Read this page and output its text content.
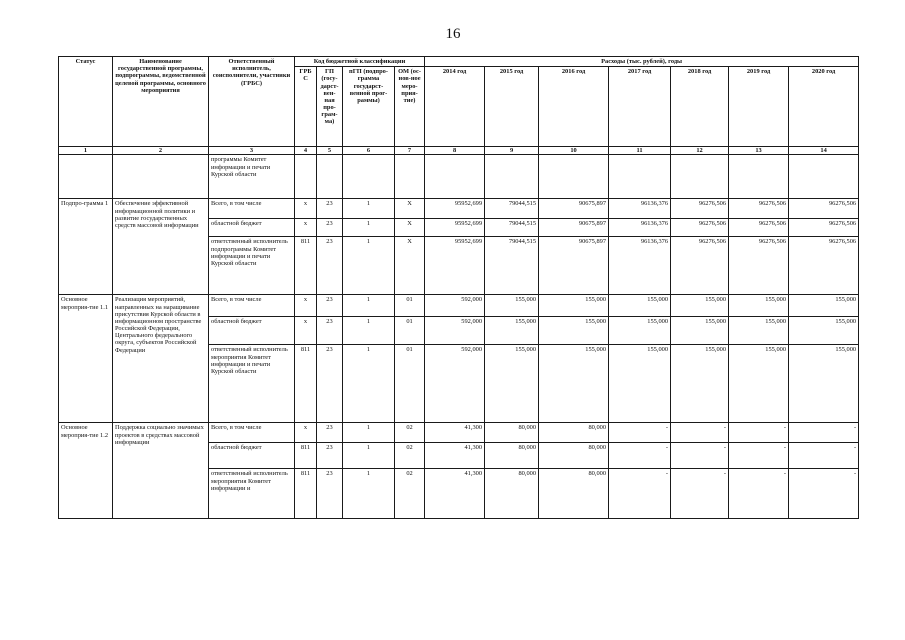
16
Статус	Наименование государственной программы, подпрограммы, ведомственной целевой программы, основного мероприятия	Ответственный исполнитель, соисполнители, участники (ГРБС)	Код бюджетной классификации				Расходы (тыс. рублей), годы						
			ГРБ С	ГП (госу-дарст-вен-ная про-грам-ма)	пГП (подпро-грамма государст-венной прог-раммы)	ОМ (ос-нов-ное меро-прия-тие)	2014 год	2015 год	2016 год	2017 год	2018 год	2019 год	2020 год
1	2	3	4	5	6	7	8	9	10	11	12	13	14
		программы Комитет информации и печати Курской области											
Подпро-грамма 1	Обеспечение эффективной информационной политики и развитие государственных средств массовой информации	Всего, в том числе	x	23	1	X	95952,699	79044,515	90675,897	96136,376	96276,506	96276,506	96276,506
		областной бюджет	x	23	1	X	95952,699	79044,515	90675,897	96136,376	96276,506	96276,506	96276,506
		ответственный исполнитель подпрограммы Комитет информации и печати Курской области	811	23	1	X	95952,699	79044,515	90675,897	96136,376	96276,506	96276,506	96276,506
Основное мероприя-тие 1.1	Реализация мероприятий, направленных на наращивание присутствия Курской области в информационном пространстве Российской Федерации, Центрального федерального округа, субъектов Российской Федерации	Всего, в том числе	x	23	1	01	592,000	155,000	155,000	155,000	155,000	155,000	155,000
		областной бюджет	x	23	1	01	592,000	155,000	155,000	155,000	155,000	155,000	155,000
		ответственный исполнитель мероприятия Комитет информации и печати Курской области	811	23	1	01	592,000	155,000	155,000	155,000	155,000	155,000	155,000
Основное мероприя-тие 1.2	Поддержка социально значимых проектов в средствах массовой информации	Всего, в том числе	x	23	1	02	41,300	80,000	80,000	-	-	-	-
		областной бюджет	811	23	1	02	41,300	80,000	80,000	-	-	-	-
		ответственный исполнитель мероприятия Комитет информации и	811	23	1	02	41,300	80,000	80,000	-	-	-	-
